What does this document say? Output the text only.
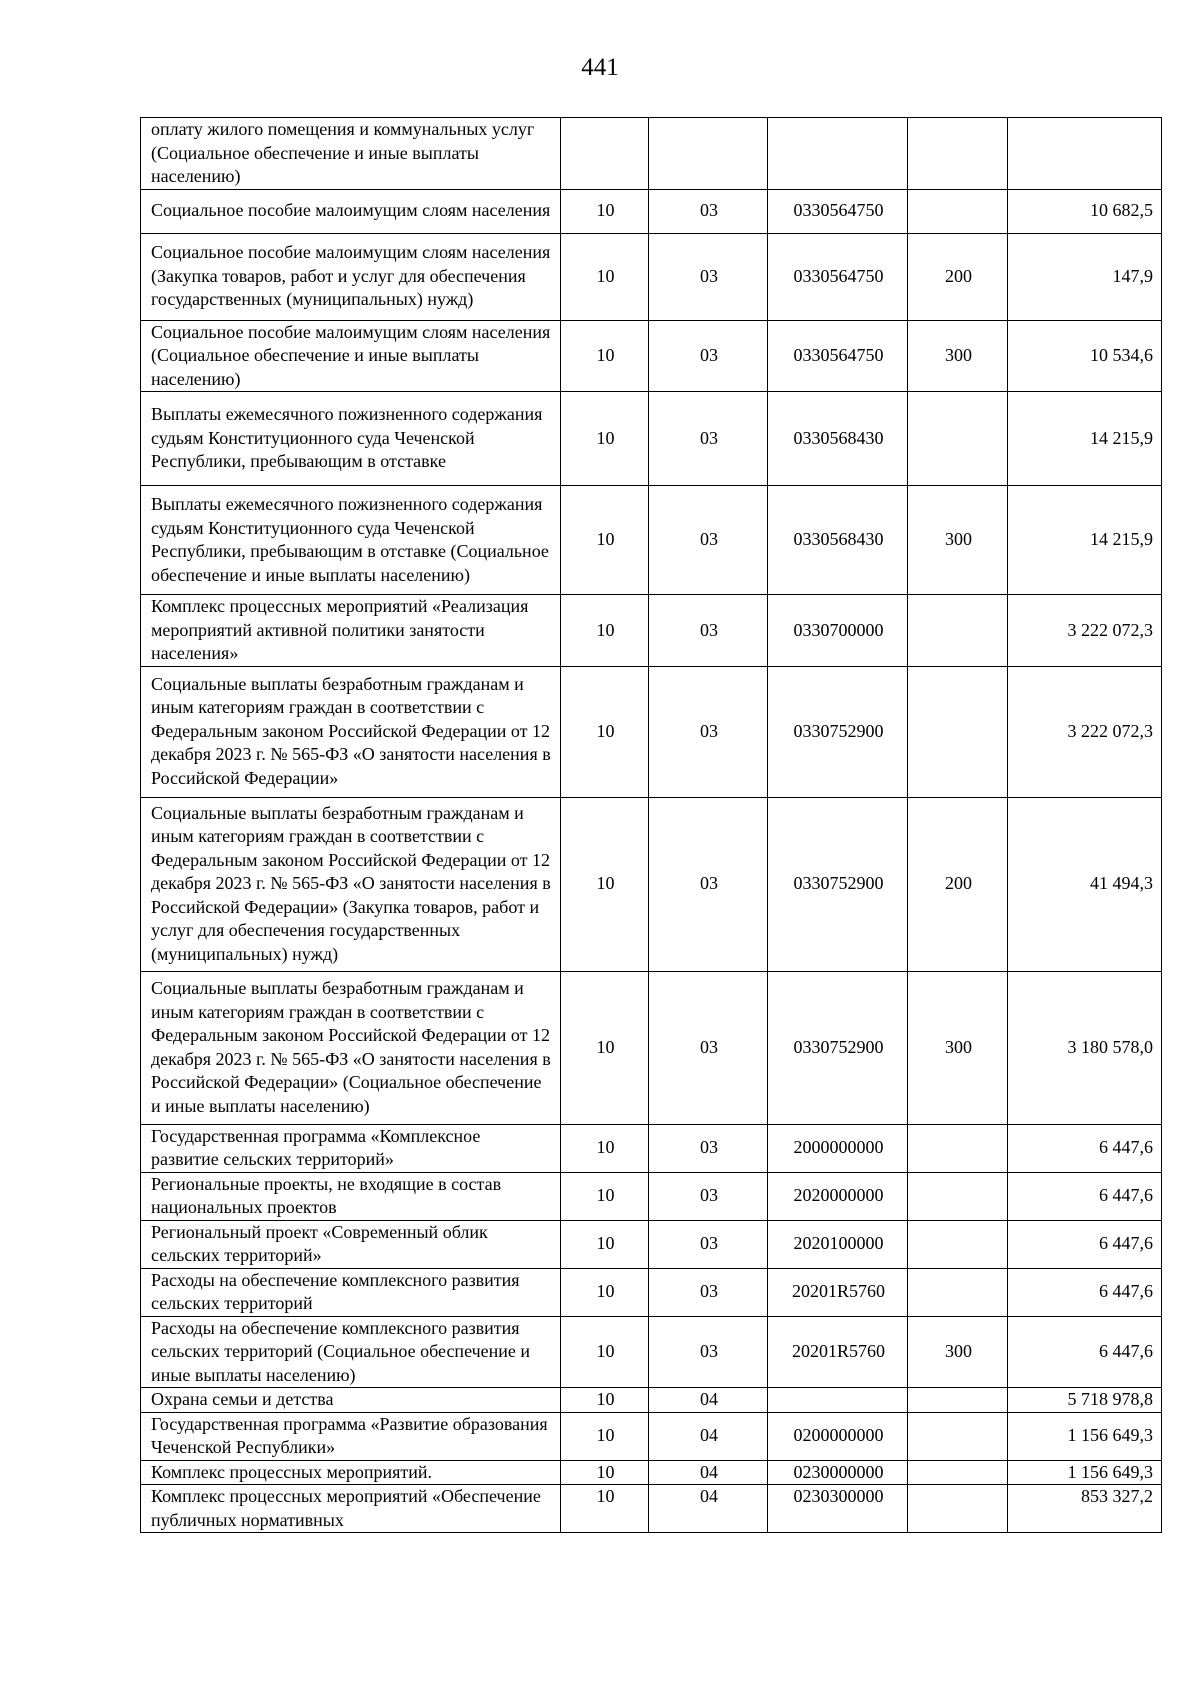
441
оплату жилого помещения и коммунальных услуг (Социальное обеспечение и иные выплаты населению)					
Социальное пособие малоимущим слоям населения	10	03	0330564750		10 682,5
Социальное пособие малоимущим слоям населения (Закупка товаров, работ и услуг для обеспечения государственных (муниципальных) нужд)	10	03	0330564750	200	147,9
Социальное пособие малоимущим слоям населения (Социальное обеспечение и иные выплаты населению)	10	03	0330564750	300	10 534,6
Выплаты ежемесячного пожизненного содержания судьям Конституционного суда Чеченской Республики, пребывающим в отставке	10	03	0330568430		14 215,9
Выплаты ежемесячного пожизненного содержания судьям Конституционного суда Чеченской Республики, пребывающим в отставке (Социальное обеспечение и иные выплаты населению)	10	03	0330568430	300	14 215,9
Комплекс процессных мероприятий «Реализация мероприятий активной политики занятости населения»	10	03	0330700000		3 222 072,3
Социальные выплаты безработным гражданам и иным категориям граждан в соответствии с Федеральным законом Российской Федерации от 12 декабря 2023 г. № 565-ФЗ «О занятости населения в Российской Федерации»	10	03	0330752900		3 222 072,3
Социальные выплаты безработным гражданам и иным категориям граждан в соответствии с Федеральным законом Российской Федерации от 12 декабря 2023 г. № 565-ФЗ «О занятости населения в Российской Федерации» (Закупка товаров, работ и услуг для обеспечения государственных (муниципальных) нужд)	10	03	0330752900	200	41 494,3
Социальные выплаты безработным гражданам и иным категориям граждан в соответствии с Федеральным законом Российской Федерации от 12 декабря 2023 г. № 565-ФЗ «О занятости населения в Российской Федерации» (Социальное обеспечение и иные выплаты населению)	10	03	0330752900	300	3 180 578,0
Государственная программа «Комплексное развитие сельских территорий»	10	03	2000000000		6 447,6
Региональные проекты, не входящие в состав национальных проектов	10	03	2020000000		6 447,6
Региональный проект «Современный облик сельских территорий»	10	03	2020100000		6 447,6
Расходы на обеспечение комплексного развития сельских территорий	10	03	20201R5760		6 447,6
Расходы на обеспечение комплексного развития сельских территорий (Социальное обеспечение и иные выплаты населению)	10	03	20201R5760	300	6 447,6
Охрана семьи и детства	10	04			5 718 978,8
Государственная программа «Развитие образования Чеченской Республики»	10	04	0200000000		1 156 649,3
Комплекс процессных мероприятий.	10	04	0230000000		1 156 649,3
Комплекс процессных мероприятий «Обеспечение публичных нормативных	10	04	0230300000		853 327,2
